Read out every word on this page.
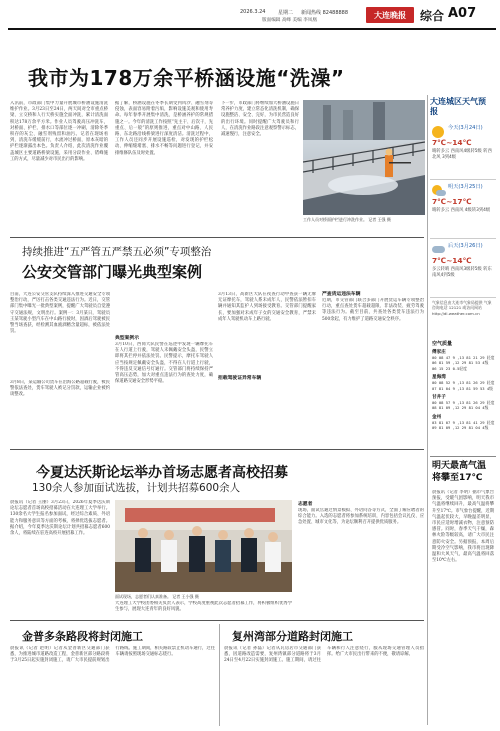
2026.3.24	星期二 新闻热线 82488888
版面编辑 高峰 美编 李凤凰
大连晚报	综合 A07
我市为178万余平桥涵设施“洗澡”
入汛前，市政部门集中力量开展城市桥涵设施清洗维护作业。3月23日至24日，两天间对全市重点桥梁、立交桥和人行天桥实施全面冲洗，累计清洗面积达178万余平方米。作业人员驾驶高压冲洗车，对桥面、护栏、排水口等部位逐一冲刷，清除冬季积存的灰尘、融雪剂残留和油污。记者在现场看到，清洗车缓缓前行，水流冲过桥面，原本灰暗的护栏逐渐露出本色。负责人介绍，此次清洗作业覆盖城区主要道路桥梁设施，采用分段作业、错峰施工的方式，尽量减少对市民出行的影响。
据了解，桥涵设施在冬季长期受到风沙、融雪剂等侵蚀，表面容易附着污垢，影响设施美观和使用寿命。每年春季开展集中清洗，是桥涵养护的常规措施之一。今年的清洗工作按照“先主干、后次干，先重点、后一般”的原则推进，重点对中山路、人民路、东北路沿线桥梁进行深度清洁。清洗过程中，工作人员还同步开展设施巡检，对发现的护栏松动、伸缩缝堵塞、排水不畅等问题进行登记，并安排维修队伍及时处置。
下一步，市政部门将继续加大桥涵设施日常养护力度，建立常态化清洗机制，确保设施整洁、安全、完好，为市民营造良好的出行环境。同时提醒广大驾驶员和行人，在清洗作业路段注意观察警示标志，减速慢行，注意安全。
工作人员对桥面护栏进行冲洗作业。 记者 王强 摄
大连城区天气预报
今天(3月24日)
7℃~14℃
晴转多云 西南风4级转5级 转西北风 3到4级
明天(3月25日)
7℃~17℃
晴转多云 西南风 4级转3到4级
后天(3月26日)
7℃~14℃
多云转晴 西南风3级转5级 转东南风4到5级
气象信息由大连市气象局提供 气象咨询电话 12121 或访问网站 http://dl.weather.com.cn
空气质量
傅家庄
00 08 47 9 ,13 81 21 29 轻度
06 81 59 ,12 29 81 53 4级
06 15 23 0.5轻度
星海湾
00 08 52 9 ,13 81 26 29 轻度
07 81 04 9 ,13 81 59 53 4级
甘井子
00 08 57 9 ,13 81 26 29 轻度
08 81 09 ,12 29 81 04 4级
金州
03 81 07 9 ,13 81 41 29 轻度
09 81 09 ,12 29 81 04 4级
明天最高气温将攀至17℃
晨报讯（记者 李明）据市气象台预报，受暖气团影响，明天我市气温将继续回升，最高气温将攀升至17℃。市气象台提醒，近期气温起伏较大，早晚温差明显，市民应适时增减衣物，注意预防感冒。同时，春季天气干燥，森林火险等级较高，请广大市民注意防火安全。另据预报，本周后期受冷空气影响，我市将出现降温和大风天气，最高气温将回落至10℃左右。
持续推进“五严管五严禁五必须”专项整治
公安交管部门曝光典型案例
目前，大连公安交管支队持续深入推进交通安全专项整治行动，严厉打击各类交通违法行为。近日，交管部门集中曝光一批典型案例，提醒广大驾驶员自觉遵守交通法规，文明出行。案例一：3月某日，驾驶员王某驾驶小型汽车在中山路行驶时，因酒后驾驶被民警当场查获，经检测其血液酒精含量超标，被依法处罚。
3月8日，某运输公司货车在沿海公路超载行驶，被民警依法查处，货车驾驶人被记分罚款，运输企业被约谈整改。
典型案例示
3月10日，西岗大队民警在巡逻中发现一辆摩托车在人行道上行驶，驾驶人未佩戴安全头盔，民警立即将其拦停并依法处罚。民警提示，摩托车驾驶人应当按规定佩戴安全头盔，不得在人行道上行驶，不得违反交通信号灯通行。交管部门将持续保持严管高压态势，加大对重点违法行为的查处力度，确保道路交通安全形势平稳。
拒载驾驶证异常车辆
3月13日，高新区大队在夜查行动中查获一辆无牌无证摩托车，驾驶人系未成年人，民警依法暂扣车辆并通知其监护人到场接受教育。交管部门提醒家长，要加强对未成年子女的交通安全教育，严禁未成年人驾驶机动车上路行驶。
严查货运违法车辆
近期，市交管部门联合多部门开展货运车辆专项整治行动，重点查处货车超载超限、非法改装、疲劳驾驶等违法行为。截至目前，共查处各类货车违法行为500余起，有力维护了道路交通安全秩序。
今夏达沃斯论坛举办首场志愿者高校招募
130余人参加面试选拔，计划共招募600余人
晨报讯（记者 王丽）3月23日，2026年夏季达沃斯论坛志愿者首场高校招募活动在大连理工大学举行。130余名大学生报名参加面试，经过综合素质、外语能力和服务意识等方面的考核，将择优选拔志愿者。据介绍，今年夏季达沃斯论坛计划共招募志愿者600余人，将陆续在驻连高校开展招募工作。
面试现场，志愿者们认真准备。 记者 王小强 摄
大连理工大学校团委相关负责人表示，学校高度重视此次志愿者招募工作，将积极组织优秀学生参与，展现大连青年的良好风貌。
志愿者
现场，面试官通过情景模拟、外语问答等方式，全面了解应聘者的综合能力。入选的志愿者将参加系统培训，内容包括会议礼仪、应急处置、城市文化等，为论坛顺利召开提供优质服务。
金普多条路段将封闭施工
晨报讯（记者 赵明）记者从金普新区交通部门获悉，为推进城市道路改造工程，金普新区部分路段将于3月25日起实施封闭施工，请广大市民提前规划出行路线。施工期间，相关路段禁止机动车通行，过往车辆请按照现场交通标志绕行。
复州湾部分道路封闭施工
晨报讯（记者 孙磊）记者从瓦房店市交通部门获悉，因道路改造需要，复州湾镇部分道路将于3月24日至4月22日实施封闭施工。施工期间，请过往车辆和行人注意绕行，服从现场交通管理人员指挥。给广大市民出行带来的不便，敬请谅解。
